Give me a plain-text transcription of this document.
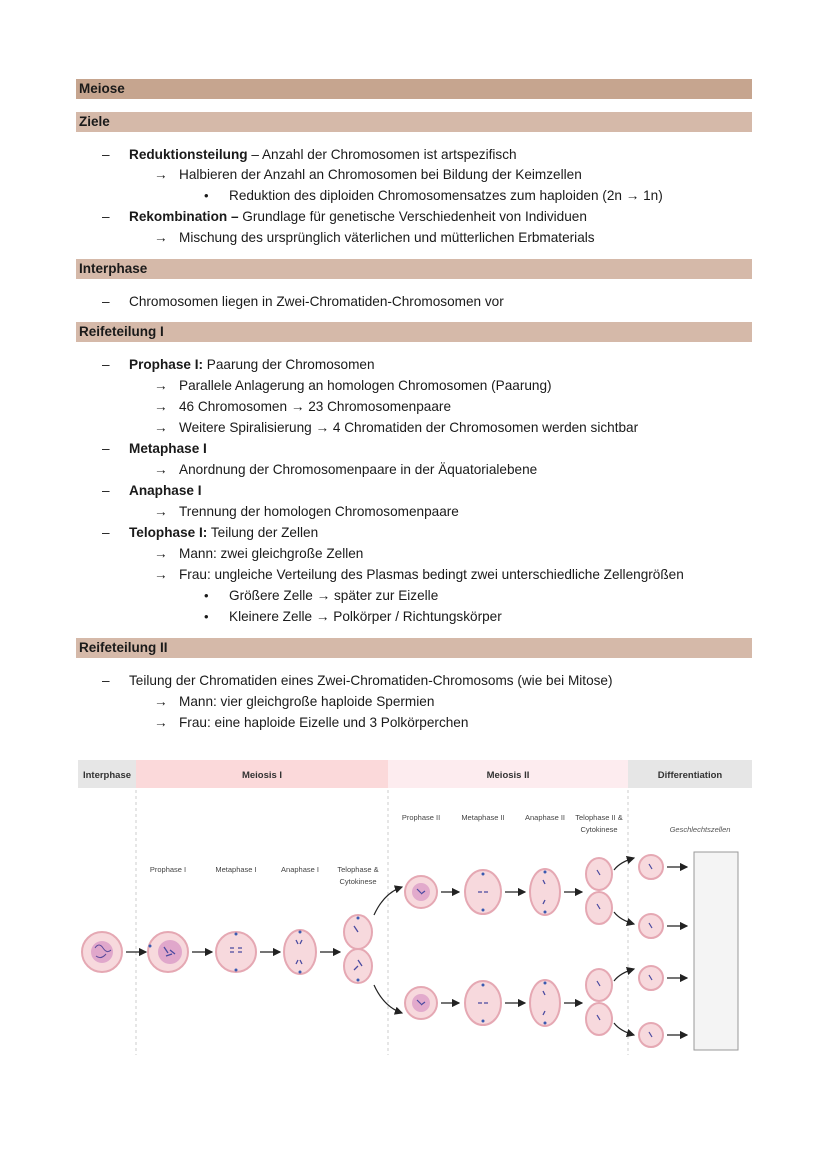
Meiose
Ziele
– Reduktionsteilung – Anzahl der Chromosomen ist artspezifisch
→ Halbieren der Anzahl an Chromosomen bei Bildung der Keimzellen
• Reduktion des diploiden Chromosomensatzes zum haploiden (2n → 1n)
– Rekombination – Grundlage für genetische Verschiedenheit von Individuen
→ Mischung des ursprünglich väterlichen und mütterlichen Erbmaterials
Interphase
– Chromosomen liegen in Zwei-Chromatiden-Chromosomen vor
Reifeteilung I
– Prophase I: Paarung der Chromosomen
→ Parallele Anlagerung an homologen Chromosomen (Paarung)
→ 46 Chromosomen → 23 Chromosomenpaare
→ Weitere Spiralisierung → 4 Chromatiden der Chromosomen werden sichtbar
– Metaphase I
→ Anordnung der Chromosomenpaare in der Äquatorialebene
– Anaphase I
→ Trennung der homologen Chromosomenpaare
– Telophase I: Teilung der Zellen
→ Mann: zwei gleichgroße Zellen
→ Frau: ungleiche Verteilung des Plasmas bedingt zwei unterschiedliche Zellengrößen
• Größere Zelle → später zur Eizelle
• Kleinere Zelle → Polkörper / Richtungskörper
Reifeteilung II
– Teilung der Chromatiden eines Zwei-Chromatiden-Chromosoms (wie bei Mitose)
→ Mann: vier gleichgroße haploide Spermien
→ Frau: eine haploide Eizelle und 3 Polkörperchen
Interphase	Meiosis I	Meiosis II	Differentiation
Prophase I	Metaphase I	Anaphase I Telophase &
Cytokinese
Prophase II	Metaphase II	Anaphase II Telophase II &
Cytokinese	Geschlechtszellen
